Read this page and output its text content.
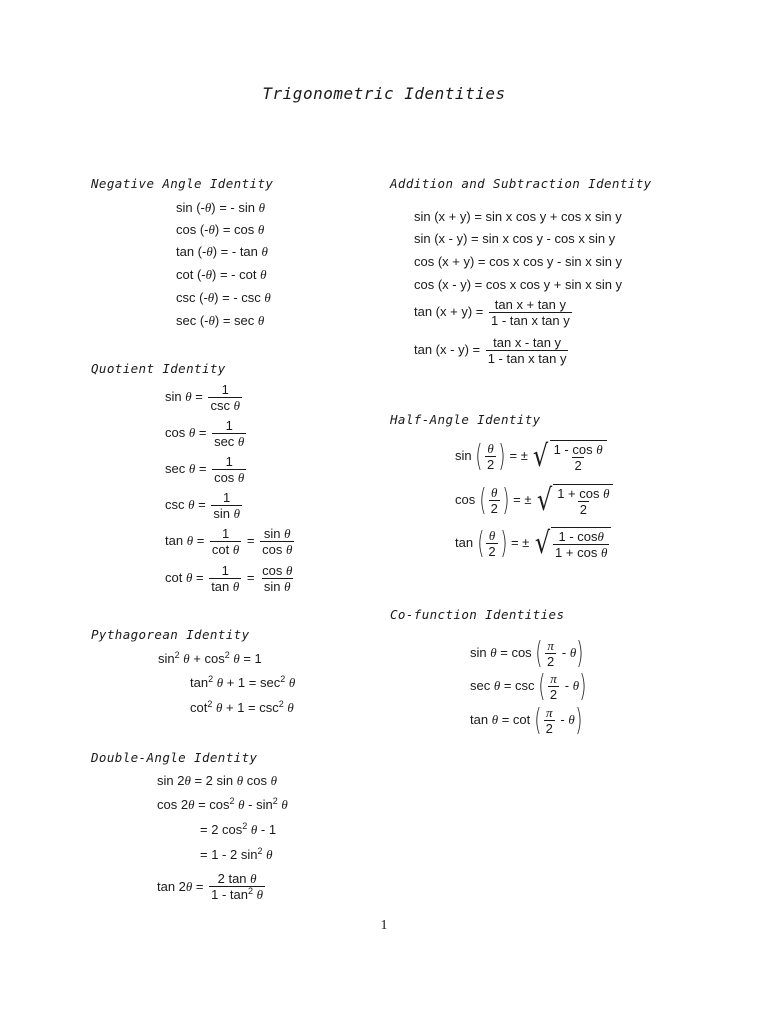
Trigonometric Identities
Negative Angle Identity
sin (-θ) = - sin θ
cos (-θ) = cos θ
tan (-θ) = - tan θ
cot (-θ) = - cot θ
csc (-θ) = - csc θ
sec (-θ) = sec θ
Quotient Identity
$\sin \theta = \frac{1}{\text{csc θ}}$
$\cos \theta = \frac{1}{\text{sec θ}}$
$\sec \theta = \frac{1}{\text{cos θ}}$
$\csc \theta = \frac{1}{\text{sin θ}}$
$\tan \theta = \frac{1}{\text{cot θ}} = \frac{\text{sin θ}}{\text{cos θ}}$
$\cot \theta = \frac{1}{\text{tan θ}} = \frac{\text{cos θ}}{\text{sin θ}}$
Pythagorean Identity
$\sin^2 \theta + \cos^2 \theta = 1$
$\tan^2 \theta + 1 = \sec^2 \theta$
$\cot^2 \theta + 1 = \csc^2 \theta$
Double-Angle Identity
sin 2θ = 2 sin θ cos θ
$\cos 2\theta = \cos^2 \theta - \sin^2 \theta$
= 2 $\cos^2 \theta - 1$
= 1 - 2 $\sin^2 \theta$
$\tan 2\theta = \frac{\text{2 tan θ}}{1 - \tan^2 \theta}$
Addition and Subtraction Identity
sin (x + y) = sin x cos y + cos x sin y
sin (x - y) = sin x cos y - cos x sin y
cos (x + y) = cos x cos y - sin x sin y
cos (x - y) = cos x cos y + sin x sin y
$\tan (x + y) = \frac{\text{tan x + tan y}}{\text{1 - tan x tan y}}$
$\tan (x - y) = \frac{\text{tan x - tan y}}{\text{1 - tan x tan y}}$
Half-Angle Identity
sin ( $\frac{\theta}{2}$ ) = ± √ $\frac{\text{1 - cos θ}}{2}$
cos ( $\frac{\theta}{2}$ ) = ± √ $\frac{\text{1 + cos θ}}{2}$
tan ( $\frac{\theta}{2}$ ) = ± √ $\frac{1 - \cos\theta}{\text{1 + cos θ}}$
Co-function Identities
sin θ = cos ( $\frac{\pi}{2} - \theta$)
sec θ = csc ( $\frac{\pi}{2} - \theta$)
tan θ = cot ( $\frac{\pi}{2} - \theta$)
1
